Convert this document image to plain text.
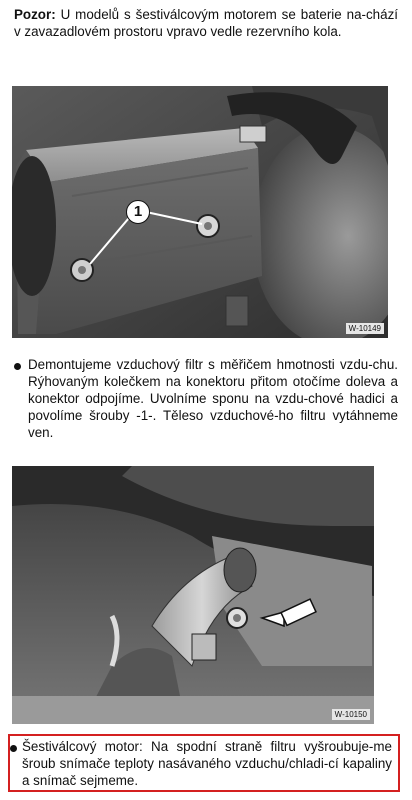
Pozor: U modelů s šestiválcovým motorem se baterie na-chází v zavazadlovém prostoru vpravo vedle rezervního kola.

1
W-10149

Demontujeme vzduchový filtr s měřičem hmotnosti vzdu-chu. Rýhovaným kolečkem na konektoru přitom otočíme doleva a konektor odpojíme. Uvolníme sponu na vzdu-chové hadici a povolíme šrouby -1-. Těleso vzduchové-ho filtru vytáhneme ven.

W-10150

Šestiválcový motor: Na spodní straně filtru vyšroubuje-me šroub snímače teploty nasávaného vzduchu/chladi-cí kapaliny a snímač sejmeme.
